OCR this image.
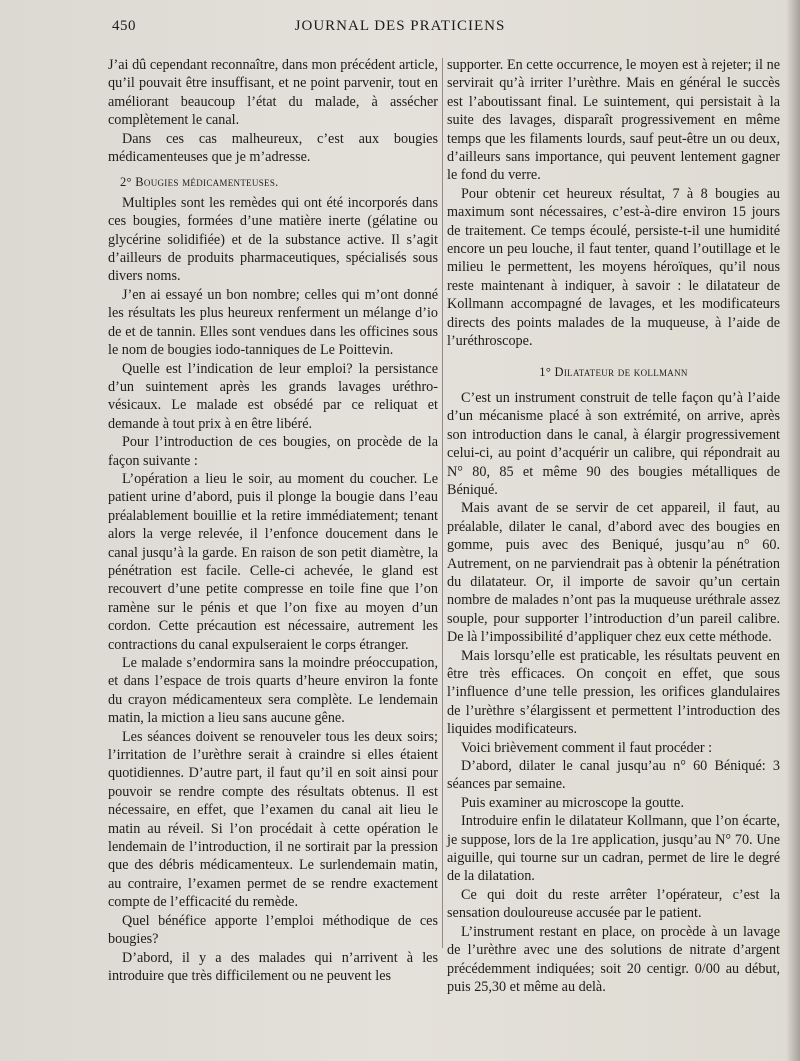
450	JOURNAL DES PRATICIENS

J’ai dû cependant reconnaître, dans mon précédent article, qu’il pouvait être insuffisant, et ne point parvenir, tout en améliorant beaucoup l’état du malade, à assécher complètement le canal.

Dans ces cas malheureux, c’est aux bougies médicamenteuses que je m’adresse.

2° Bougies médicamenteuses.

Multiples sont les remèdes qui ont été incorporés dans ces bougies, formées d’une matière inerte (gélatine ou glycérine solidifiée) et de la substance active. Il s’agit d’ailleurs de produits pharmaceutiques, spécialisés sous divers noms.

J’en ai essayé un bon nombre; celles qui m’ont donné les résultats les plus heureux renferment un mélange d’io de et de tannin. Elles sont vendues dans les officines sous le nom de bougies iodo-tanniques de Le Poittevin.

Quelle est l’indication de leur emploi? la persistance d’un suintement après les grands lavages uréthro-vésicaux. Le malade est obsédé par ce reliquat et demande à tout prix à en être libéré.

Pour l’introduction de ces bougies, on procède de la façon suivante :

L’opération a lieu le soir, au moment du coucher. Le patient urine d’abord, puis il plonge la bougie dans l’eau préalablement bouillie et la retire immédiatement; tenant alors la verge relevée, il l’enfonce doucement dans le canal jusqu’à la garde. En raison de son petit diamètre, la pénétration est facile. Celle-ci achevée, le gland est recouvert d’une petite compresse en toile fine que l’on ramène sur le pénis et que l’on fixe au moyen d’un cordon. Cette précaution est nécessaire, autrement les contractions du canal expulseraient le corps étranger.

Le malade s’endormira sans la moindre préoccupation, et dans l’espace de trois quarts d’heure environ la fonte du crayon médicamenteux sera complète. Le lendemain matin, la miction a lieu sans aucune gêne.

Les séances doivent se renouveler tous les deux soirs; l’irritation de l’urèthre serait à craindre si elles étaient quotidiennes. D’autre part, il faut qu’il en soit ainsi pour pouvoir se rendre compte des résultats obtenus. Il est nécessaire, en effet, que l’examen du canal ait lieu le matin au réveil. Si l’on procédait à cette opération le lendemain de l’introduction, il ne sortirait par la pression que des débris médicamenteux. Le surlendemain matin, au contraire, l’examen permet de se rendre exactement compte de l’efficacité du remède.

Quel bénéfice apporte l’emploi méthodique de ces bougies?

D’abord, il y a des malades qui n’arrivent à les introduire que très difficilement ou ne peuvent les

supporter. En cette occurrence, le moyen est à rejeter; il ne servirait qu’à irriter l’urèthre. Mais en général le succès est l’aboutissant final. Le suintement, qui persistait à la suite des lavages, disparaît progressivement en même temps que les filaments lourds, sauf peut-être un ou deux, d’ailleurs sans importance, qui peuvent lentement gagner le fond du verre.

Pour obtenir cet heureux résultat, 7 à 8 bougies au maximum sont nécessaires, c’est-à-dire environ 15 jours de traitement. Ce temps écoulé, persiste-t-il une humidité encore un peu louche, il faut tenter, quand l’outillage et le milieu le permettent, les moyens héroïques, qu’il nous reste maintenant à indiquer, à savoir : le dilatateur de Kollmann accompagné de lavages, et les modificateurs directs des points malades de la muqueuse, à l’aide de l’uréthroscope.

1° Dilatateur de kollmann

C’est un instrument construit de telle façon qu’à l’aide d’un mécanisme placé à son extrémité, on arrive, après son introduction dans le canal, à élargir progressivement celui-ci, au point d’acquérir un calibre, qui répondrait au N° 80, 85 et même 90 des bougies métalliques de Béniqué.

Mais avant de se servir de cet appareil, il faut, au préalable, dilater le canal, d’abord avec des bougies en gomme, puis avec des Beniqué, jusqu’au n° 60. Autrement, on ne parviendrait pas à obtenir la pénétration du dilatateur. Or, il importe de savoir qu’un certain nombre de malades n’ont pas la muqueuse uréthrale assez souple, pour supporter l’introduction d’un pareil calibre. De là l’impossibilité d’appliquer chez eux cette méthode.

Mais lorsqu’elle est praticable, les résultats peuvent en être très efficaces. On conçoit en effet, que sous l’influence d’une telle pression, les orifices glandulaires de l’urèthre s’élargissent et permettent l’introduction des liquides modificateurs.

Voici brièvement comment il faut procéder :

D’abord, dilater le canal jusqu’au n° 60 Béniqué: 3 séances par semaine.

Puis examiner au microscope la goutte.

Introduire enfin le dilatateur Kollmann, que l’on écarte, je suppose, lors de la 1re application, jusqu’au N° 70. Une aiguille, qui tourne sur un cadran, permet de lire le degré de la dilatation.

Ce qui doit du reste arrêter l’opérateur, c’est la sensation douloureuse accusée par le patient.

L’instrument restant en place, on procède à un lavage de l’urèthre avec une des solutions de nitrate d’argent précédemment indiquées; soit 20 centigr. 0/00 au début, puis 25,30 et même au delà.
